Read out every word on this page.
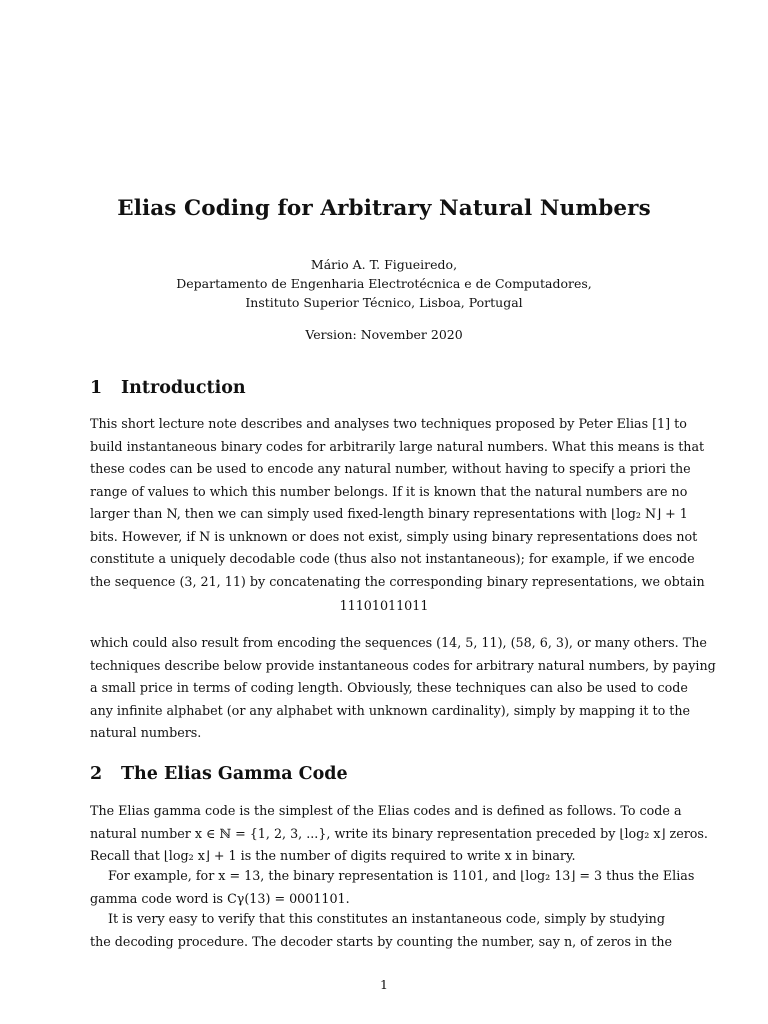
Elias Coding for Arbitrary Natural Numbers
Mário A. T. Figueiredo,
Departamento de Engenharia Electrotécnica e de Computadores,
Instituto Superior Técnico, Lisboa, Portugal
Version: November 2020
1 Introduction
This short lecture note describes and analyses two techniques proposed by Peter Elias [1] to
build instantaneous binary codes for arbitrarily large natural numbers. What this means is that
these codes can be used to encode any natural number, without having to specify a priori the
range of values to which this number belongs. If it is known that the natural numbers are no
larger than N, then we can simply used fixed-length binary representations with ⌊log₂ N⌋ + 1
bits. However, if N is unknown or does not exist, simply using binary representations does not
constitute a uniquely decodable code (thus also not instantaneous); for example, if we encode
the sequence (3, 21, 11) by concatenating the corresponding binary representations, we obtain
11101011011
which could also result from encoding the sequences (14, 5, 11), (58, 6, 3), or many others. The
techniques describe below provide instantaneous codes for arbitrary natural numbers, by paying
a small price in terms of coding length. Obviously, these techniques can also be used to code
any infinite alphabet (or any alphabet with unknown cardinality), simply by mapping it to the
natural numbers.
2 The Elias Gamma Code
The Elias gamma code is the simplest of the Elias codes and is defined as follows. To code a
natural number x ∈ ℕ = {1, 2, 3, ...}, write its binary representation preceded by ⌊log₂ x⌋ zeros.
Recall that ⌊log₂ x⌋ + 1 is the number of digits required to write x in binary.
For example, for x = 13, the binary representation is 1101, and ⌊log₂ 13⌋ = 3 thus the Elias
gamma code word is Cγ(13) = 0001101.
It is very easy to verify that this constitutes an instantaneous code, simply by studying
the decoding procedure. The decoder starts by counting the number, say n, of zeros in the
1
